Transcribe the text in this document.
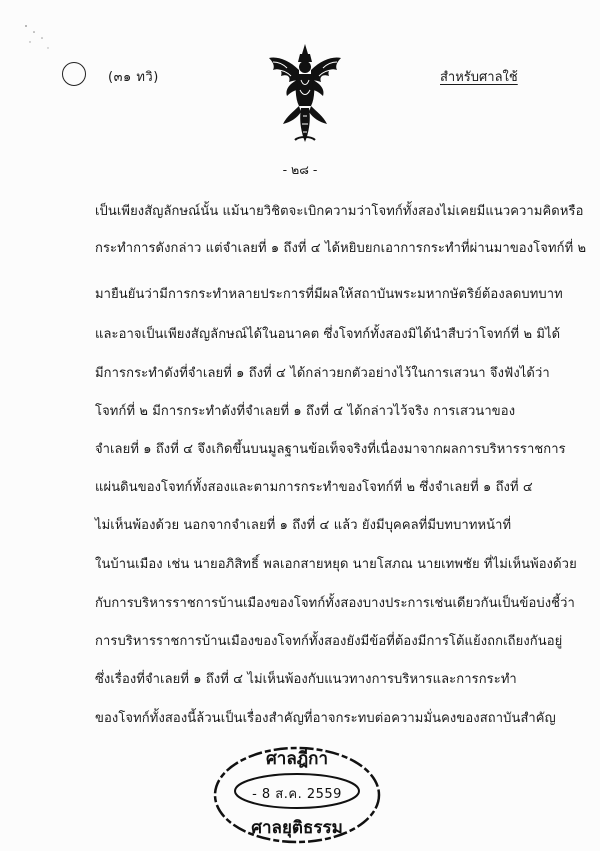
(๓๑ ทวิ)	สำหรับศาลใช้
- ๒๘ -
เป็นเพียงสัญลักษณ์นั้น แม้นายวิชิตจะเบิกความว่าโจทก์ทั้งสองไม่เคยมีแนวความคิดหรือ
กระทำการดังกล่าว แต่จำเลยที่ ๑ ถึงที่ ๔ ได้หยิบยกเอาการกระทำที่ผ่านมาของโจทก์ที่ ๒
มายืนยันว่ามีการกระทำหลายประการที่มีผลให้สถาบันพระมหากษัตริย์ต้องลดบทบาท
และอาจเป็นเพียงสัญลักษณ์ได้ในอนาคต ซึ่งโจทก์ทั้งสองมิได้นำสืบว่าโจทก์ที่ ๒ มิได้
มีการกระทำดังที่จำเลยที่ ๑ ถึงที่ ๔ ได้กล่าวยกตัวอย่างไว้ในการเสวนา จึงฟังได้ว่า
โจทก์ที่ ๒ มีการกระทำดังที่จำเลยที่ ๑ ถึงที่ ๔ ได้กล่าวไว้จริง การเสวนาของ
จำเลยที่ ๑ ถึงที่ ๔ จึงเกิดขึ้นบนมูลฐานข้อเท็จจริงที่เนื่องมาจากผลการบริหารราชการ
แผ่นดินของโจทก์ทั้งสองและตามการกระทำของโจทก์ที่ ๒ ซึ่งจำเลยที่ ๑ ถึงที่ ๔
ไม่เห็นพ้องด้วย นอกจากจำเลยที่ ๑ ถึงที่ ๔ แล้ว ยังมีบุคคลที่มีบทบาทหน้าที่
ในบ้านเมือง เช่น นายอภิสิทธิ์ พลเอกสายหยุด นายโสภณ นายเทพชัย ที่ไม่เห็นพ้องด้วย
กับการบริหารราชการบ้านเมืองของโจทก์ทั้งสองบางประการเช่นเดียวกันเป็นข้อบ่งชี้ว่า
การบริหารราชการบ้านเมืองของโจทก์ทั้งสองยังมีข้อที่ต้องมีการโต้แย้งถกเถียงกันอยู่
ซึ่งเรื่องที่จำเลยที่ ๑ ถึงที่ ๔ ไม่เห็นพ้องกับแนวทางการบริหารและการกระทำ
ของโจทก์ทั้งสองนี้ล้วนเป็นเรื่องสำคัญที่อาจกระทบต่อความมั่นคงของสถาบันสำคัญ
ศาลฎีกา
- 8 ส.ค. 2559
ศาลยุติธรรม
